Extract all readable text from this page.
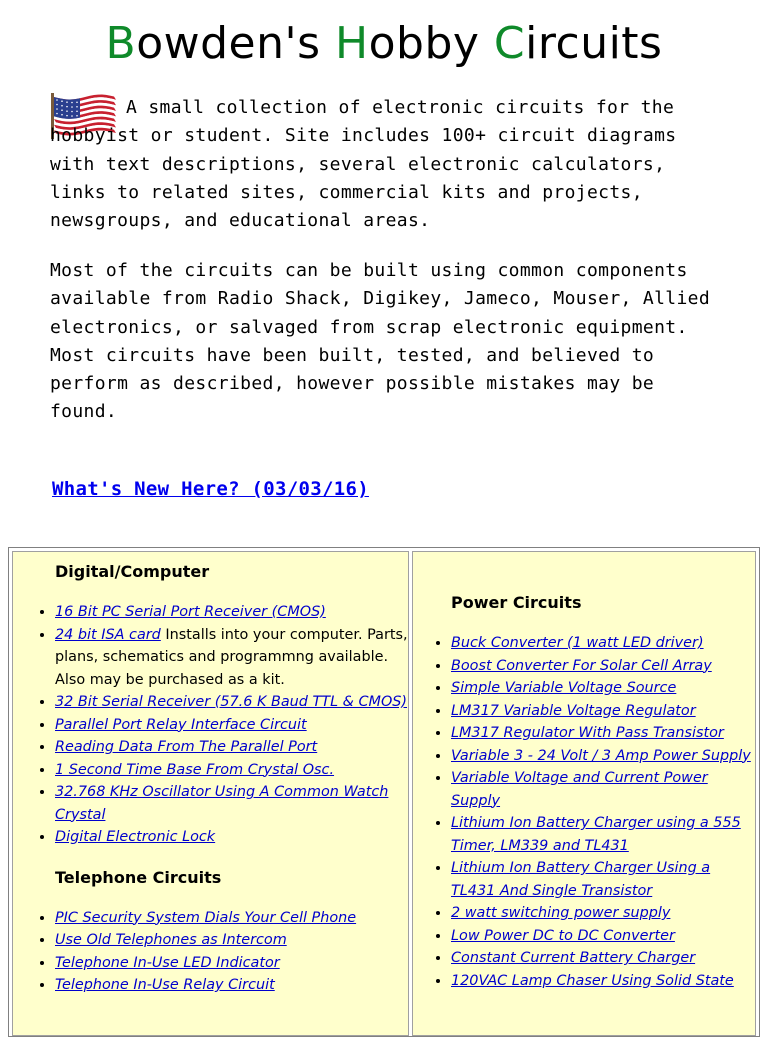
Bowden's Hobby Circuits

A small collection of electronic circuits for the hobbyist or student. Site includes 100+ circuit diagrams with text descriptions, several electronic calculators, links to related sites, commercial kits and projects, newsgroups, and educational areas.

Most of the circuits can be built using common components available from Radio Shack, Digikey, Jameco, Mouser, Allied electronics, or salvaged from scrap electronic equipment. Most circuits have been built, tested, and believed to perform as described, however possible mistakes may be found.

What's New Here? (03/03/16)
Digital/Computer
• 16 Bit PC Serial Port Receiver (CMOS)
• 24 bit ISA card Installs into your computer. Parts, plans, schematics and programmng available. Also may be purchased as a kit.
• 32 Bit Serial Receiver (57.6 K Baud TTL & CMOS)
• Parallel Port Relay Interface Circuit
• Reading Data From The Parallel Port
• 1 Second Time Base From Crystal Osc.
• 32.768 KHz Oscillator Using A Common Watch Crystal
• Digital Electronic Lock
Telephone Circuits
• PIC Security System Dials Your Cell Phone
• Use Old Telephones as Intercom
• Telephone In-Use LED Indicator
• Telephone In-Use Relay Circuit
Power Circuits
• Buck Converter (1 watt LED driver)
• Boost Converter For Solar Cell Array
• Simple Variable Voltage Source
• LM317 Variable Voltage Regulator
• LM317 Regulator With Pass Transistor
• Variable 3 - 24 Volt / 3 Amp Power Supply
• Variable Voltage and Current Power Supply
• Lithium Ion Battery Charger using a 555 Timer, LM339 and TL431
• Lithium Ion Battery Charger Using a TL431 And Single Transistor
• 2 watt switching power supply
• Low Power DC to DC Converter
• Constant Current Battery Charger
• 120VAC Lamp Chaser Using Solid State
